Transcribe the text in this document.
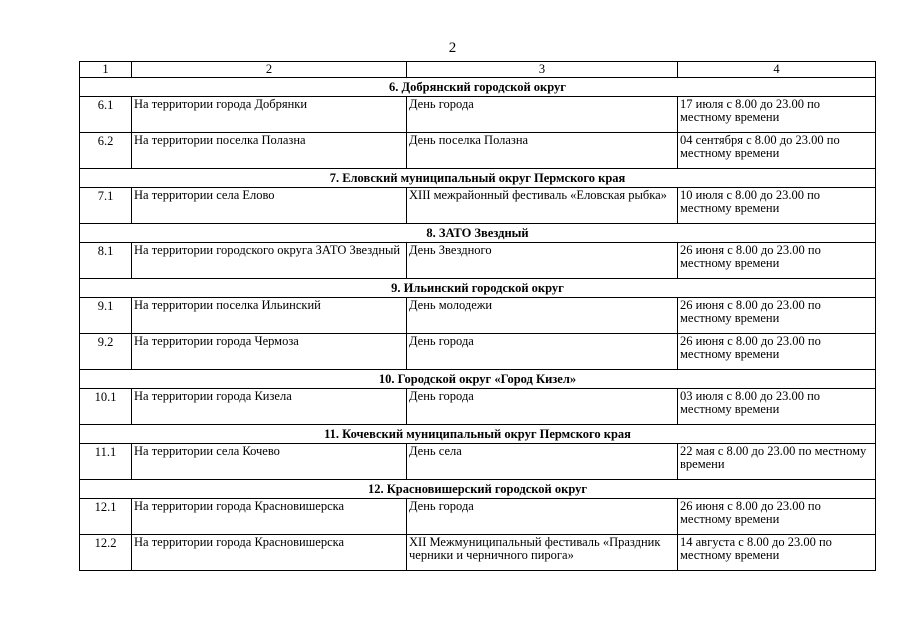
2
1	2	3	4
6. Добрянский городской округ			
6.1	На территории города Добрянки	День города	17 июля с 8.00 до 23.00 по местному времени
6.2	На территории поселка Полазна	День поселка Полазна	04 сентября с 8.00 до 23.00 по местному времени
7. Еловский муниципальный округ Пермского края			
7.1	На территории села Елово	XIII межрайонный фестиваль «Еловская рыбка»	10 июля с 8.00 до 23.00 по местному времени
8. ЗАТО Звездный			
8.1	На территории городского округа ЗАТО Звездный	День Звездного	26 июня с 8.00 до 23.00 по местному времени
9. Ильинский городской округ			
9.1	На территории поселка Ильинский	День молодежи	26 июня с 8.00 до 23.00 по местному времени
9.2	На территории города Чермоза	День города	26 июня с 8.00 до 23.00 по местному времени
10. Городской округ «Город Кизел»			
10.1	На территории города Кизела	День города	03 июля с 8.00 до 23.00 по местному времени
11. Кочевский муниципальный округ Пермского края			
11.1	На территории села Кочево	День села	22 мая с 8.00 до 23.00 по местному времени
12. Красновишерский городской округ			
12.1	На территории города Красновишерска	День города	26 июня с 8.00 до 23.00 по местному времени
12.2	На территории города Красновишерска	XII Межмуниципальный фестиваль «Праздник черники и черничного пирога»	14 августа с 8.00 до 23.00 по местному времени
